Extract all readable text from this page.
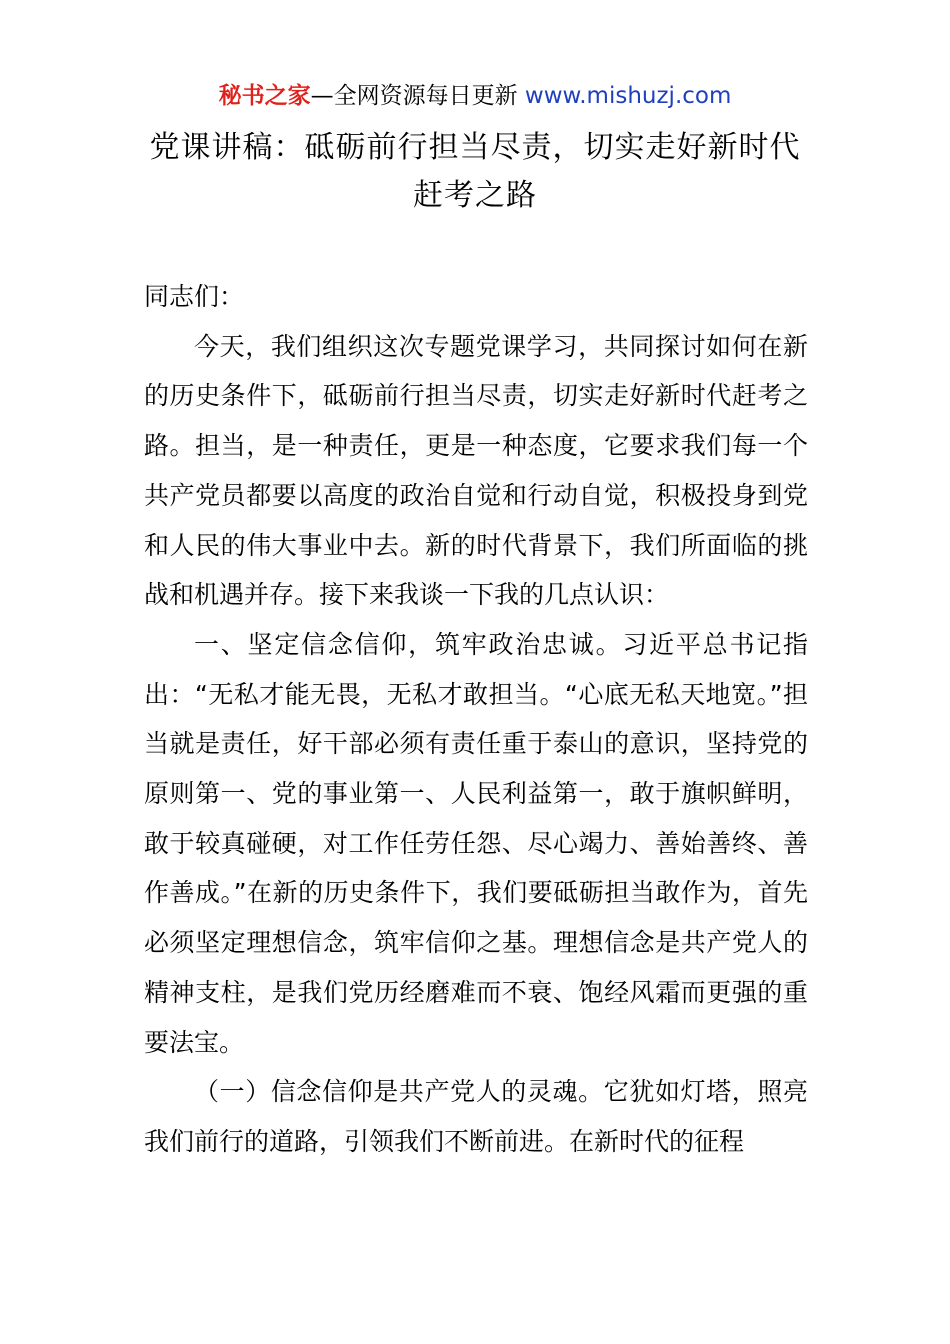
秘书之家—全网资源每日更新 www.mishuzj.com
党课讲稿：砥砺前行担当尽责，切实走好新时代赶考之路

同志们：

今天，我们组织这次专题党课学习，共同探讨如何在新的历史条件下，砥砺前行担当尽责，切实走好新时代赶考之路。担当，是一种责任，更是一种态度，它要求我们每一个共产党员都要以高度的政治自觉和行动自觉，积极投身到党和人民的伟大事业中去。新的时代背景下，我们所面临的挑战和机遇并存。接下来我谈一下我的几点认识：

一、坚定信念信仰，筑牢政治忠诚。习近平总书记指出：“无私才能无畏，无私才敢担当。“心底无私天地宽。”担当就是责任，好干部必须有责任重于泰山的意识，坚持党的原则第一、党的事业第一、人民利益第一，敢于旗帜鲜明，敢于较真碰硬，对工作任劳任怨、尽心竭力、善始善终、善作善成。”在新的历史条件下，我们要砥砺担当敢作为，首先必须坚定理想信念，筑牢信仰之基。理想信念是共产党人的精神支柱，是我们党历经磨难而不衰、饱经风霜而更强的重要法宝。

（一）信念信仰是共产党人的灵魂。它犹如灯塔，照亮我们前行的道路，引领我们不断前进。在新时代的征程
